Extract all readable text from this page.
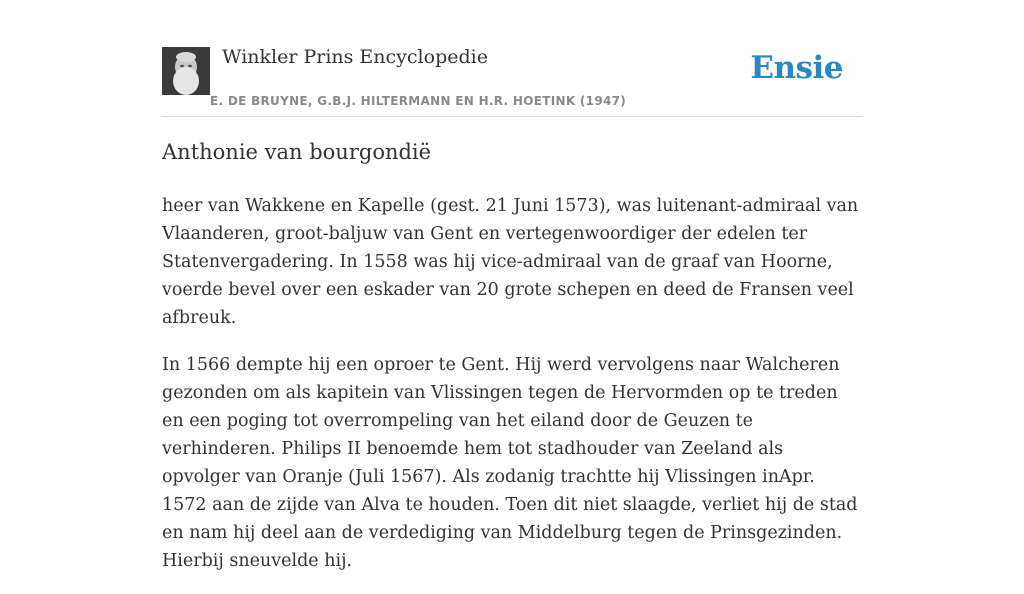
Winkler Prins Encyclopedie
E. DE BRUYNE, G.B.J. HILTERMANN EN H.R. HOETINK (1947)
Ensie
Anthonie van bourgondië

heer van Wakkene en Kapelle (gest. 21 Juni 1573), was luitenant-admiraal van Vlaanderen, groot-baljuw van Gent en vertegenwoordiger der edelen ter Statenvergadering. In 1558 was hij vice-admiraal van de graaf van Hoorne, voerde bevel over een eskader van 20 grote schepen en deed de Fransen veel afbreuk.

In 1566 dempte hij een oproer te Gent. Hij werd vervolgens naar Walcheren gezonden om als kapitein van Vlissingen tegen de Hervormden op te treden en een poging tot overrompeling van het eiland door de Geuzen te verhinderen. Philips II benoemde hem tot stadhouder van Zeeland als opvolger van Oranje (Juli 1567). Als zodanig trachtte hij Vlissingen inApr. 1572 aan de zijde van Alva te houden. Toen dit niet slaagde, verliet hij de stad en nam hij deel aan de verdediging van Middelburg tegen de Prinsgezinden. Hierbij sneuvelde hij.
